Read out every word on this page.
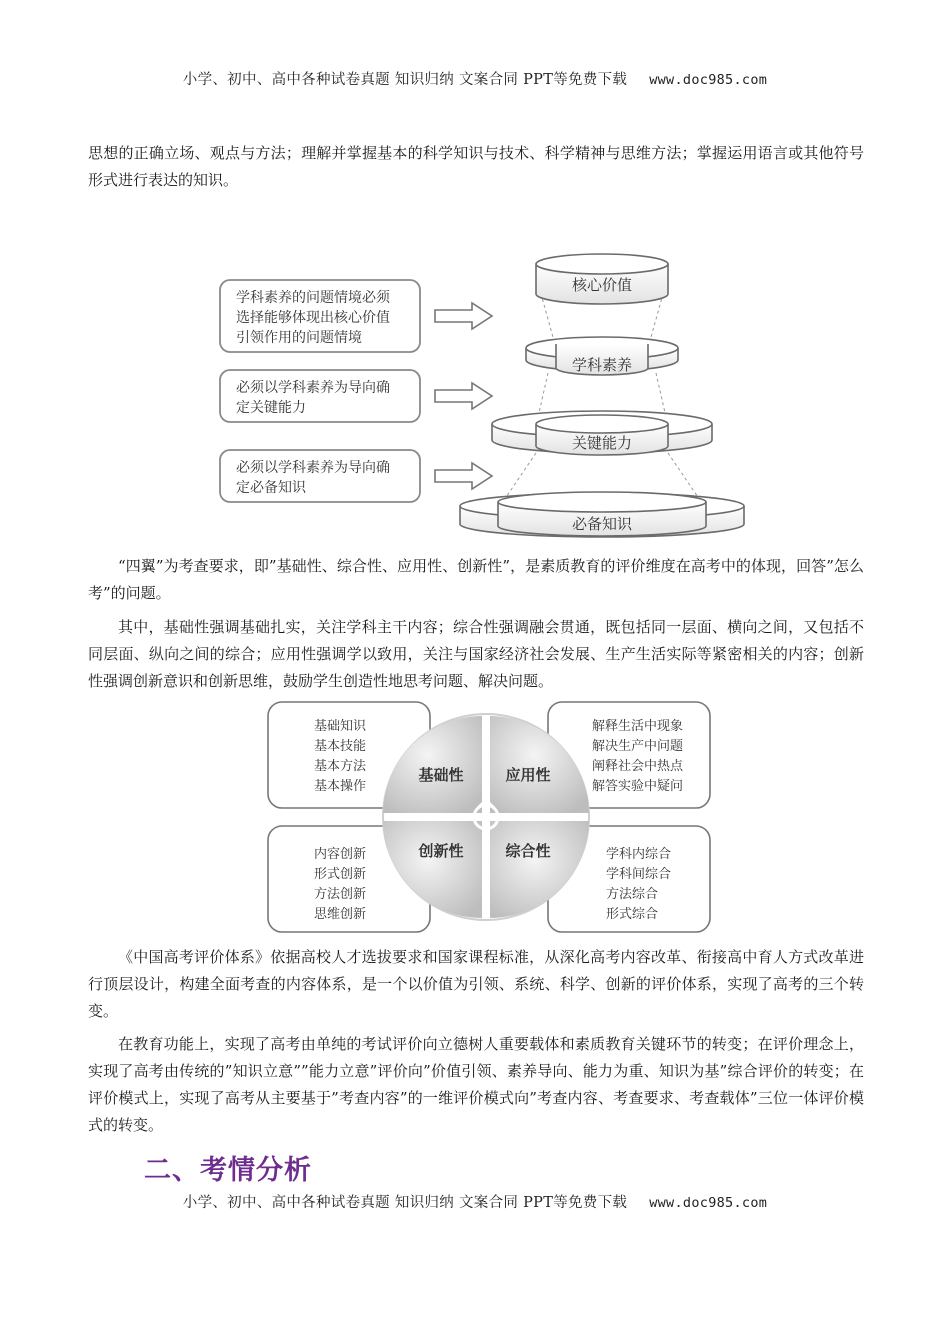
小学、初中、高中各种试卷真题 知识归纳 文案合同 PPT等免费下载 www.doc985.com

思想的正确立场、观点与方法；理解并掌握基本的科学知识与技术、科学精神与思维方法；掌握运用语言或其他符号形式进行表达的知识。

学科素养的问题情境必须
选择能够体现出核心价值
引领作用的问题情境
必须以学科素养为导向确
定关键能力
必须以学科素养为导向确
定必备知识
核心价值
学科素养
关键能力
必备知识

“四翼”为考查要求，即”基础性、综合性、应用性、创新性”，是素质教育的评价维度在高考中的体现，回答”怎么考”的问题。

其中，基础性强调基础扎实，关注学科主干内容；综合性强调融会贯通，既包括同一层面、横向之间，又包括不同层面、纵向之间的综合；应用性强调学以致用，关注与国家经济社会发展、生产生活实际等紧密相关的内容；创新性强调创新意识和创新思维，鼓励学生创造性地思考问题、解决问题。

基础知识
基本技能
基本方法
基本操作
解释生活中现象
解决生产中问题
阐释社会中热点
解答实验中疑问
内容创新
形式创新
方法创新
思维创新
学科内综合
学科间综合
方法综合
形式综合
基础性	应用性
创新性	综合性

《中国高考评价体系》依据高校人才选拔要求和国家课程标准，从深化高考内容改革、衔接高中育人方式改革进行顶层设计，构建全面考查的内容体系，是一个以价值为引领、系统、科学、创新的评价体系，实现了高考的三个转变。

在教育功能上，实现了高考由单纯的考试评价向立德树人重要载体和素质教育关键环节的转变；在评价理念上，实现了高考由传统的”知识立意””能力立意”评价向”价值引领、素养导向、能力为重、知识为基”综合评价的转变；在评价模式上，实现了高考从主要基于”考查内容”的一维评价模式向”考查内容、考查要求、考查载体”三位一体评价模式的转变。

二、考情分析
小学、初中、高中各种试卷真题 知识归纳 文案合同 PPT等免费下载 www.doc985.com
